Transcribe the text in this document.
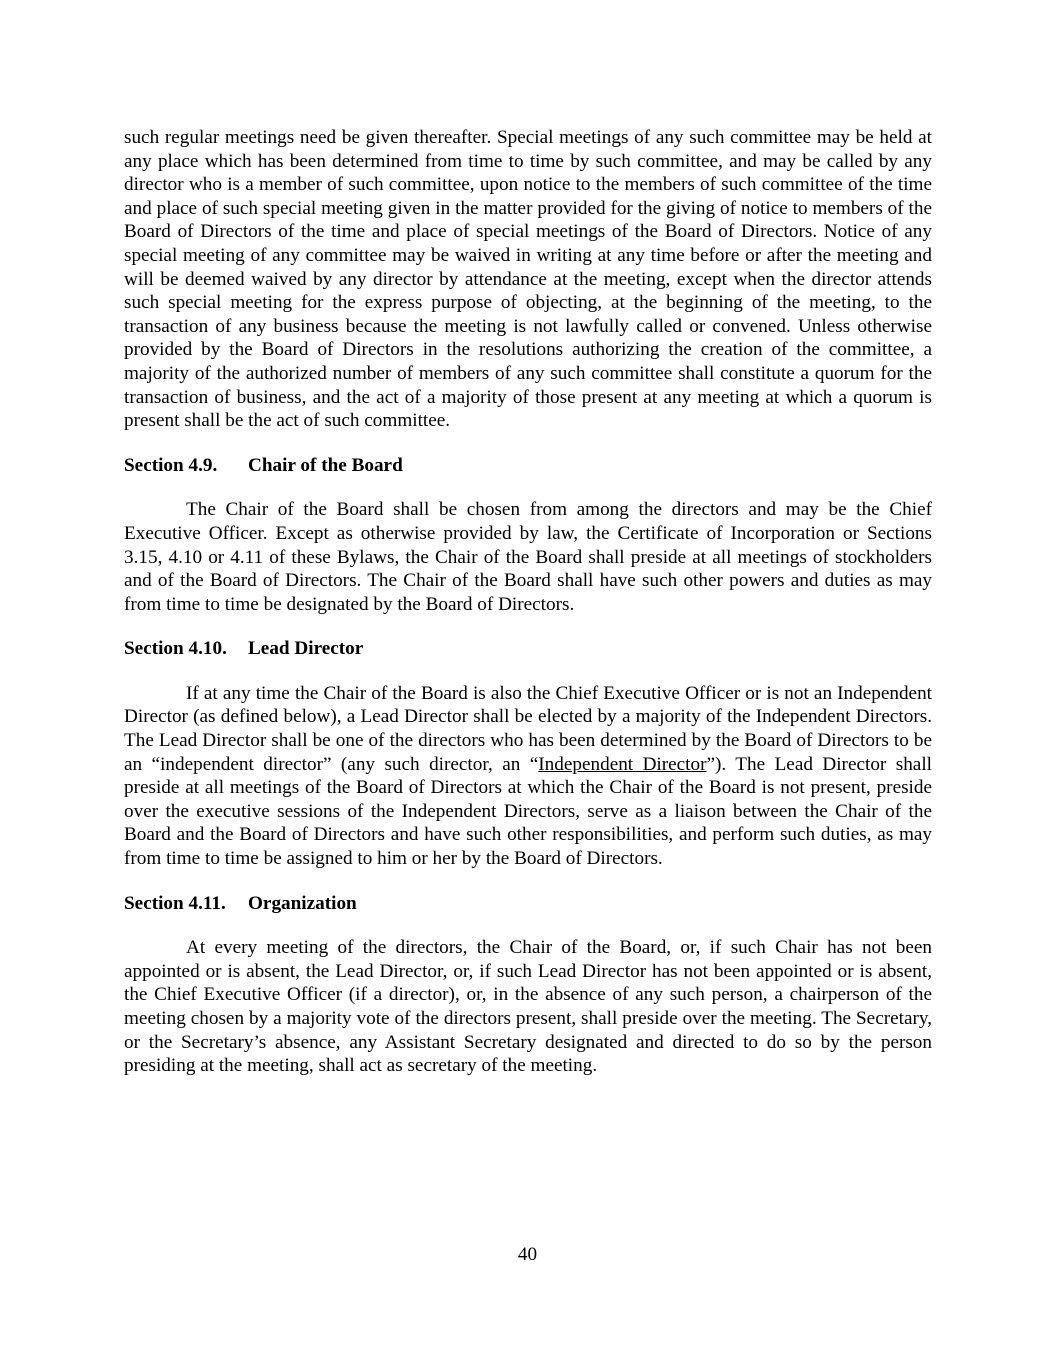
such regular meetings need be given thereafter. Special meetings of any such committee may be held at any place which has been determined from time to time by such committee, and may be called by any director who is a member of such committee, upon notice to the members of such committee of the time and place of such special meeting given in the matter provided for the giving of notice to members of the Board of Directors of the time and place of special meetings of the Board of Directors. Notice of any special meeting of any committee may be waived in writing at any time before or after the meeting and will be deemed waived by any director by attendance at the meeting, except when the director attends such special meeting for the express purpose of objecting, at the beginning of the meeting, to the transaction of any business because the meeting is not lawfully called or convened. Unless otherwise provided by the Board of Directors in the resolutions authorizing the creation of the committee, a majority of the authorized number of members of any such committee shall constitute a quorum for the transaction of business, and the act of a majority of those present at any meeting at which a quorum is present shall be the act of such committee.

Section 4.9. Chair of the Board

The Chair of the Board shall be chosen from among the directors and may be the Chief Executive Officer. Except as otherwise provided by law, the Certificate of Incorporation or Sections 3.15, 4.10 or 4.11 of these Bylaws, the Chair of the Board shall preside at all meetings of stockholders and of the Board of Directors. The Chair of the Board shall have such other powers and duties as may from time to time be designated by the Board of Directors.

Section 4.10. Lead Director

If at any time the Chair of the Board is also the Chief Executive Officer or is not an Independent Director (as defined below), a Lead Director shall be elected by a majority of the Independent Directors. The Lead Director shall be one of the directors who has been determined by the Board of Directors to be an “independent director” (any such director, an “Independent Director”). The Lead Director shall preside at all meetings of the Board of Directors at which the Chair of the Board is not present, preside over the executive sessions of the Independent Directors, serve as a liaison between the Chair of the Board and the Board of Directors and have such other responsibilities, and perform such duties, as may from time to time be assigned to him or her by the Board of Directors.

Section 4.11. Organization

At every meeting of the directors, the Chair of the Board, or, if such Chair has not been appointed or is absent, the Lead Director, or, if such Lead Director has not been appointed or is absent, the Chief Executive Officer (if a director), or, in the absence of any such person, a chairperson of the meeting chosen by a majority vote of the directors present, shall preside over the meeting. The Secretary, or the Secretary’s absence, any Assistant Secretary designated and directed to do so by the person presiding at the meeting, shall act as secretary of the meeting.

40
